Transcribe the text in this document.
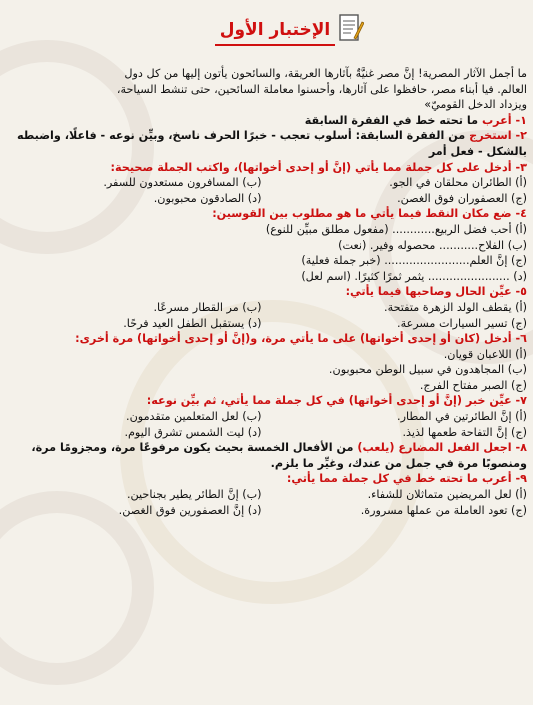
الإختبار الأول

ما أجمل الآثار المصرية! إنَّ مصر غنيَّةٌ بآثارها العريقة، والسائحون يأتون إليها من كل دول
العالم. فيا أبناء مصر، حافظوا على آثارها، وأحسنوا معاملة السائحين، حتى تنشط السياحة،
ويزداد الدخل القوميّ»

١- أعرب ما تحته خط في الفقرة السابقة

٢- استخرج من الفقرة السابقة: أسلوب تعجب - خبرًا الحرف ناسخ، وبيِّن نوعه - فاعلًا، واضبطه
بالشكل - فعل أمر

٣- أدخل على كل جملة مما يأتي (إنَّ أو إحدى أخواتها)، واكتب الجملة صحيحة:

(أ) الطائران محلقان في الجو.
(ب) المسافرون مستعدون للسفر.
(ج) العصفوران فوق الغصن.
(د) الصادقون محبوبون.

٤- ضع مكان النقط فيما يأتي ما هو مطلوب بين القوسين:

(أ) أحب فضل الربيع............ (مفعول مطلق مبيِّن للنوع)
(ب) الفلاح........... محصوله وفير. (نعت)
(ج) إنَّ العلم........................ (خبر جملة فعلية)
(د) ....................... يثمر ثمرًا كثيرًا. (اسم لعل)

٥- عيِّن الحال وصاحبها فيما يأتي:

(أ) يقطف الولد الزهرة متفتحة.
(ب) مر القطار مسرعًا.
(ج) تسير السيارات مسرعة.
(د) يستقبل الطفل العيد فرحًا.

٦- أدخل (كان أو إحدى أخواتها) على ما يأتي مرة، و(إنَّ أو إحدى أخواتها) مرة أخرى:

(أ) اللاعبان قويان.
(ب) المجاهدون في سبيل الوطن محبوبون.
(ج) الصبر مفتاح الفرج.

٧- عيِّن خبر (إنَّ أو إحدى أخواتها) في كل جملة مما يأتي، ثم بيِّن نوعه:

(أ) إنَّ الطائرتين في المطار.
(ب) لعل المتعلمين متقدمون.
(ج) إنَّ التفاحة طعمها لذيذ.
(د) ليت الشمس تشرق اليوم.

٨- اجعل الفعل المضارع (يلعب) من الأفعال الخمسة بحيث يكون مرفوعًا مرة، ومجزومًا مرة،
ومنصوبًا مرة في جمل من عندك، وغيِّر ما يلزم.

٩- أعرب ما تحته خط في كل جملة مما يأتي:

(أ) لعل المريضين متماثلان للشفاء.
(ب) إنَّ الطائر يطير بجناحين.
(ج) تعود العاملة من عملها مسرورة.
(د) إنَّ العصفورين فوق الغصن.
